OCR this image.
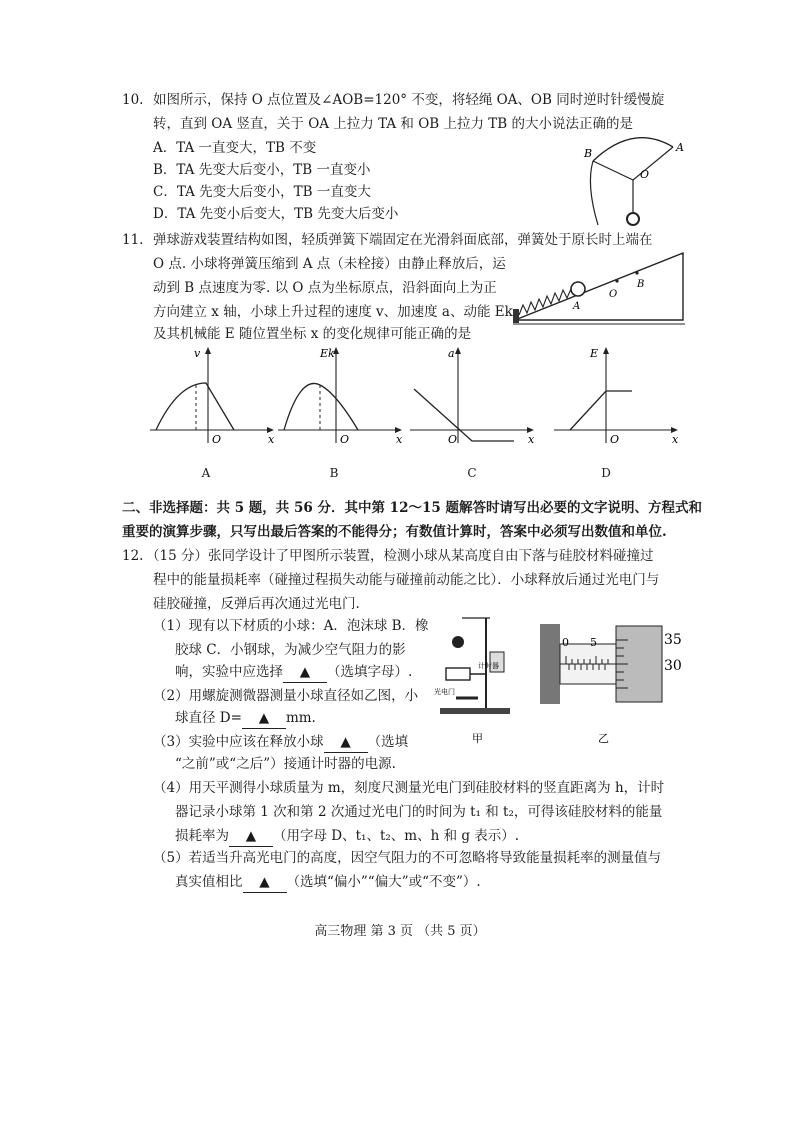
10. 如图所示，保持 O 点位置及∠AOB=120° 不变，将轻绳 OA、OB 同时逆时针缓慢旋
转，直到 OA 竖直，关于 OA 上拉力 TA 和 OB 上拉力 TB 的大小说法正确的是
A．TA 一直变大，TB 不变
B．TA 先变大后变小，TB 一直变小
C．TA 先变大后变小，TB 一直变大
D．TA 先变小后变大，TB 先变大后变小
B	A
O
11. 弹球游戏装置结构如图，轻质弹簧下端固定在光滑斜面底部，弹簧处于原长时上端在
O 点. 小球将弹簧压缩到 A 点（未栓接）由静止释放后，运
动到 B 点速度为零. 以 O 点为坐标原点，沿斜面向上为正
方向建立 x 轴，小球上升过程的速度 v、加速度 a、动能 Ek
及其机械能 E 随位置坐标 x 的变化规律可能正确的是
A
O
B
v
x
O
A
Ek
x
O
B
a
x
O
C
E
x
O
D
二、非选择题：共 5 题，共 56 分．其中第 12～15 题解答时请写出必要的文字说明、方程式和
重要的演算步骤，只写出最后答案的不能得分；有数值计算时，答案中必须写出数值和单位.
12. （15 分）张同学设计了甲图所示装置，检测小球从某高度自由下落与硅胶材料碰撞过
程中的能量损耗率（碰撞过程损失动能与碰撞前动能之比）．小球释放后通过光电门与
硅胶碰撞，反弹后再次通过光电门.
（1）现有以下材质的小球：A．泡沫球 B．橡
胶球 C．小钢球，为减少空气阻力的影
响，实验中应选择 ▲ （选填字母）.
（2）用螺旋测微器测量小球直径如乙图，小
球直径 D= ▲ mm.
（3）实验中应该在释放小球 ▲ （选填
“之前”或“之后”）接通计时器的电源.
（4）用天平测得小球质量为 m，刻度尺测量光电门到硅胶材料的竖直距离为 h，计时
器记录小球第 1 次和第 2 次通过光电门的时间为 t₁ 和 t₂，可得该硅胶材料的能量
损耗率为 ▲ （用字母 D、t₁、t₂、m、h 和 g 表示）.
（5）若适当升高光电门的高度，因空气阻力的不可忽略将导致能量损耗率的测量值与
真实值相比 ▲ （选填“偏小”“偏大”或“不变”）.
计时器
光电门
甲
0 5	35
30
乙
高三物理 第 3 页 （共 5 页）
